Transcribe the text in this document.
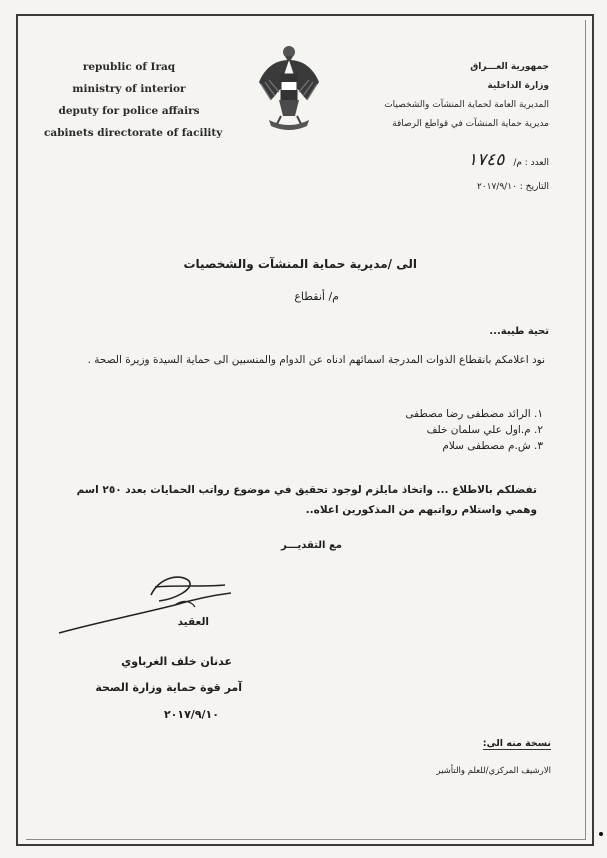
republic of Iraq
ministry of interior
deputy for police affairs
cabinets directorate of facility
جمهورية العـــراق
وزارة الداخلية
المديرية العامة لحماية المنشآت والشخصيات
مديرية حماية المنشآت في قواطع الرصافة
العدد : م/ ١٧٤٥
التاريخ : ٢٠١٧/٩/١٠
الى /مديرية حماية المنشآت والشخصيات
م/ أنقطاع
تحية طيبة...
نود اعلامكم بانقطاع الذوات المدرجة اسمائهم ادناه عن الدوام والمنسبين الى حماية السيدة وزيرة الصحة .
١. الرائد مصطفى رضا مصطفى
٢. م.اول علي سلمان خلف
٣. ش.م مصطفى سلام
تفضلكم بالاطلاع ... واتخاذ مايلزم لوجود تحقيق في موضوع رواتب الحمايات بعدد ٢٥٠ اسم وهمي واستلام رواتبهم من المذكورين اعلاه..
مع التقديـــر
العقيد
عدنان خلف الغرباوي
آمر قوة حماية وزارة الصحة
٢٠١٧/٩/١٠
نسخة منه الى:
الارشيف المركزي/للعلم والتأشير
